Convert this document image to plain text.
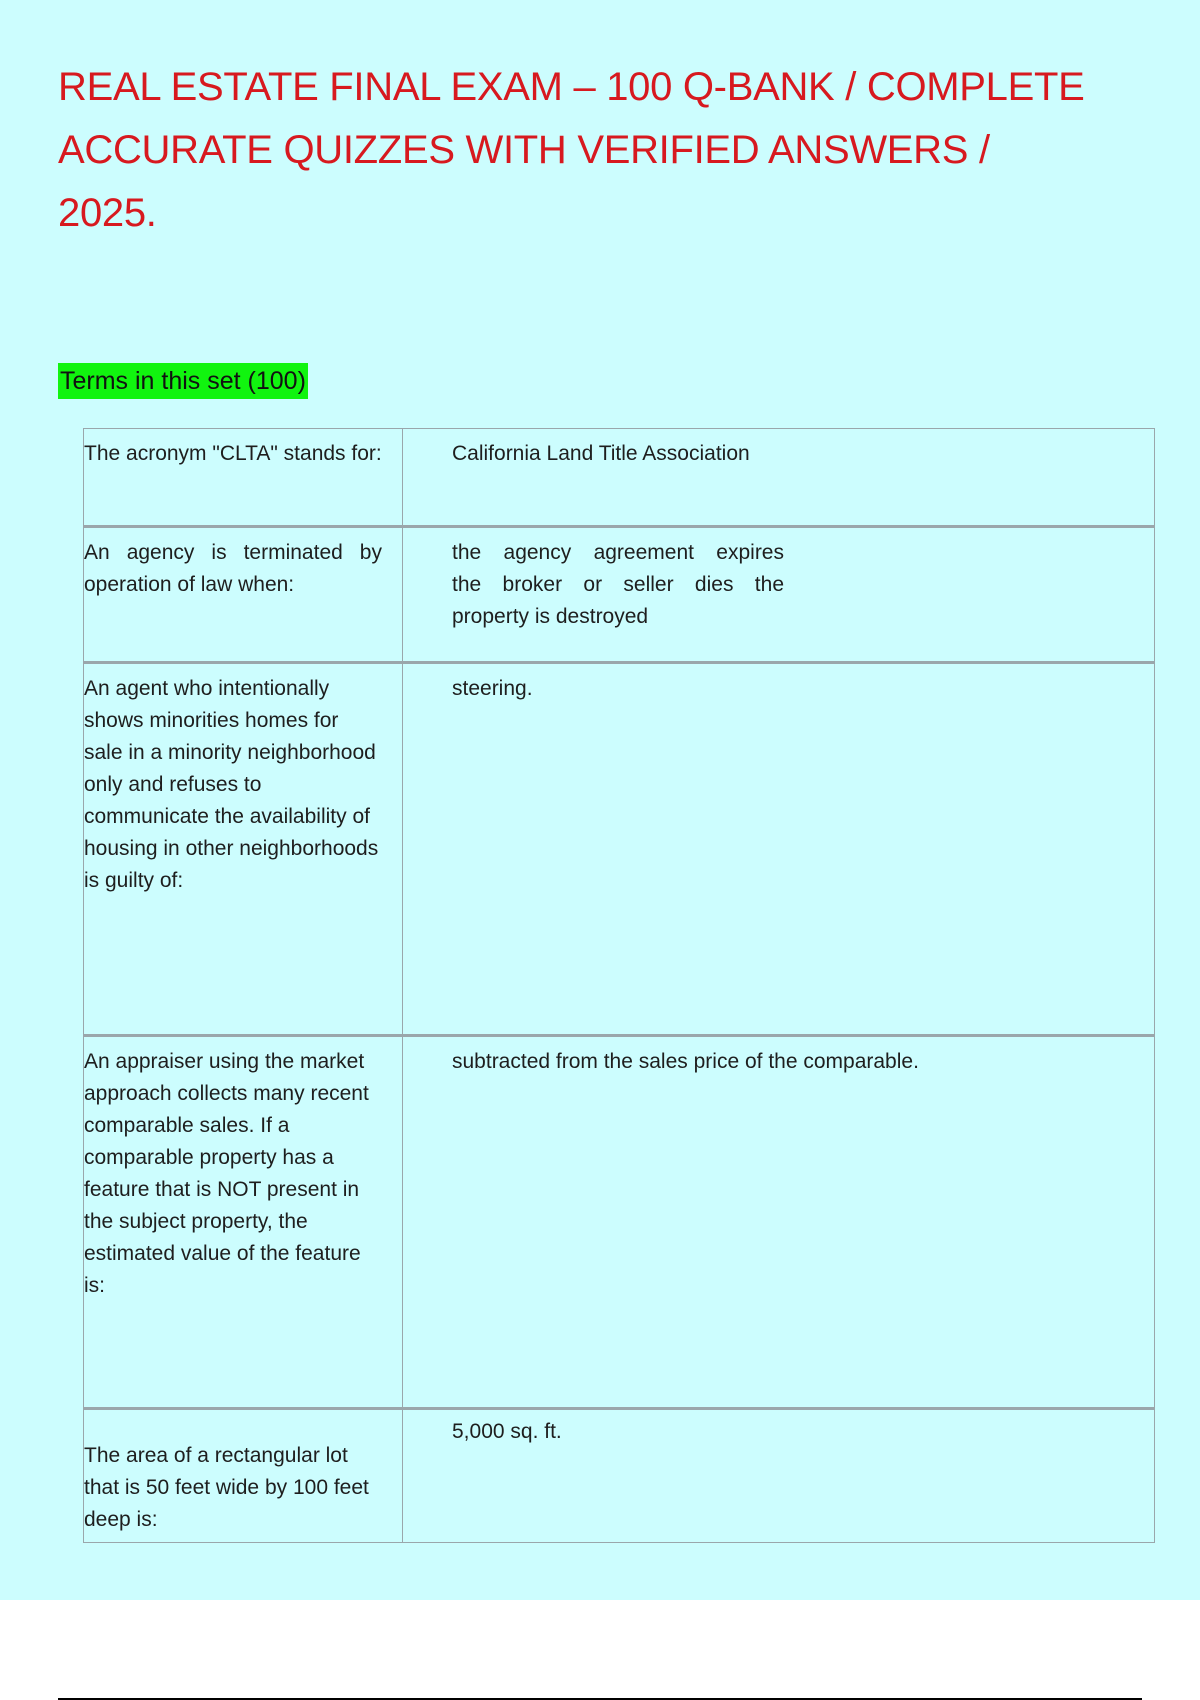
REAL ESTATE FINAL EXAM – 100 Q-BANK / COMPLETE ACCURATE QUIZZES WITH VERIFIED ANSWERS / 2025.
Terms in this set (100)
The acronym "CLTA" stands for:	California Land Title Association
An agency is terminated by operation of law when:	the agency agreement expires
the broker or seller dies the
property is destroyed

An agent who intentionally shows minorities homes for sale in a minority neighborhood only and refuses to communicate the availability of housing in other neighborhoods is guilty of:	steering.
An appraiser using the market approach collects many recent comparable sales. If a comparable property has a feature that is NOT present in the subject property, the estimated value of the feature is:	subtracted from the sales price of the comparable.
The area of a rectangular lot that is 50 feet wide by 100 feet deep is:	5,000 sq. ft.
